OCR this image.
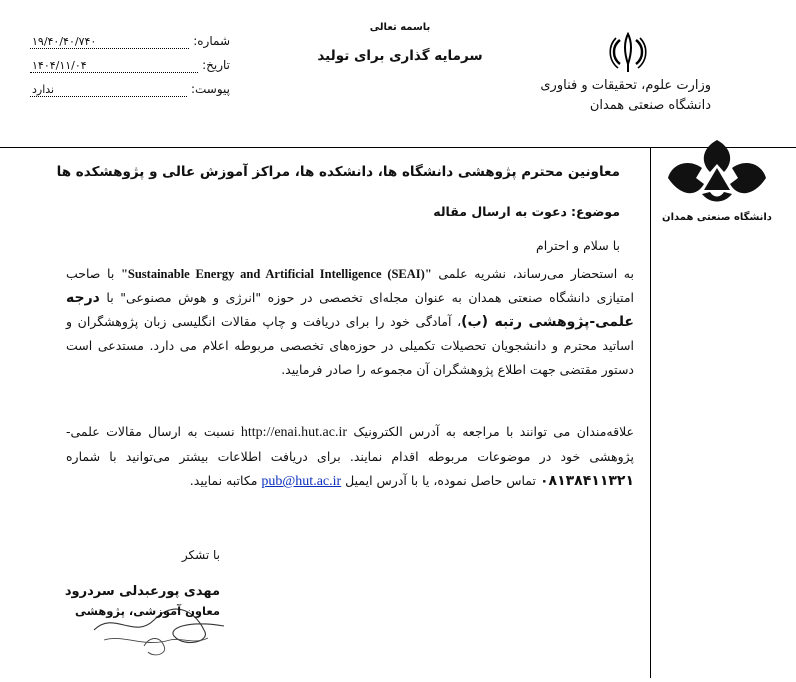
شماره:
۱۹/۴۰/۴۰/۷۴۰
تاریخ:
۱۴۰۴/۱۱/۰۴
پیوست:
ندارد
باسمه تعالی
سرمایه گذاری برای تولید
وزارت علوم، تحقیقات و فناوری
دانشگاه صنعتی همدان
دانشگاه صنعتی همدان
معاونین محترم پژوهشی دانشگاه ها، دانشکده ها، مراکز آموزش عالی و پژوهشکده ها
موضوع:دعوت به ارسال مقاله
با سلام و احترام
به استحضار می‌رساند، نشریه علمی "Sustainable Energy and Artificial Intelligence (SEAI)" با صاحب امتیازی دانشگاه صنعتی همدان به عنوان مجله‌ای تخصصی در حوزه "انرژی و هوش مصنوعی" با درجه علمی-پژوهشی رتبه (ب)، آمادگی خود را برای دریافت و چاپ مقالات انگلیسی زبان پژوهشگران و اساتید محترم و دانشجویان تحصیلات تکمیلی در حوزه‌های تخصصی مربوطه اعلام می دارد. مستدعی است دستور مقتضی جهت اطلاع پژوهشگران آن مجموعه را صادر فرمایید.
علاقه‌مندان می توانند با مراجعه به آدرس الکترونیک http://enai.hut.ac.ir نسبت به ارسال مقالات علمی-پژوهشی خود در موضوعات مربوطه اقدام نمایند. برای دریافت اطلاعات بیشتر می‌توانید با شماره ۰۸۱۳۸۴۱۱۳۲۱ تماس حاصل نموده، یا با آدرس ایمیل pub@hut.ac.ir مکاتبه نمایید.
با تشکر
مهدی پورعبدلی سردرود
معاون آموزشی، پژوهشی
